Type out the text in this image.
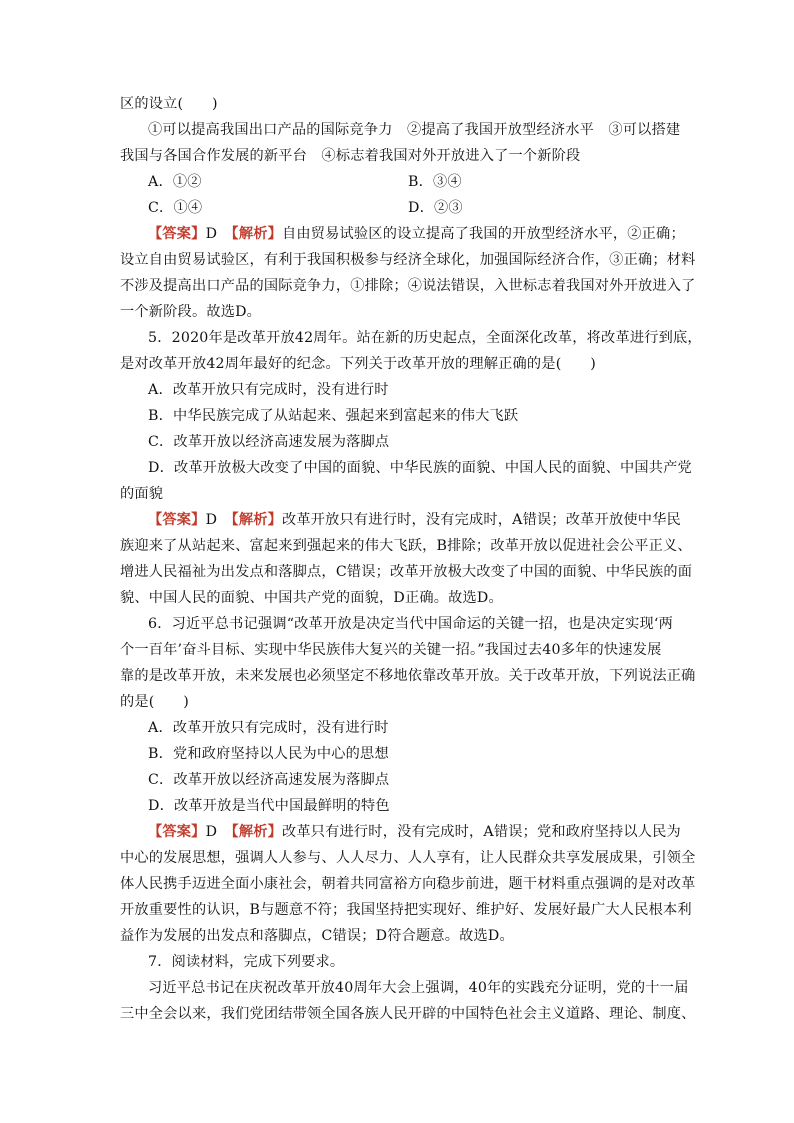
区的设立(　　)
①可以提高我国出口产品的国际竞争力　②提高了我国开放型经济水平　③可以搭建
我国与各国合作发展的新平台　④标志着我国对外开放进入了一个新阶段
A．①②	B．③④
C．①④	D．②③
【答案】D　【解析】自由贸易试验区的设立提高了我国的开放型经济水平，②正确；
设立自由贸易试验区，有利于我国积极参与经济全球化，加强国际经济合作，③正确；材料
不涉及提高出口产品的国际竞争力，①排除；④说法错误，入世标志着我国对外开放进入了
一个新阶段。故选D。
5．2020年是改革开放42周年。站在新的历史起点，全面深化改革，将改革进行到底，
是对改革开放42周年最好的纪念。下列关于改革开放的理解正确的是(　　)
A．改革开放只有完成时，没有进行时
B．中华民族完成了从站起来、强起来到富起来的伟大飞跃
C．改革开放以经济高速发展为落脚点
D．改革开放极大改变了中国的面貌、中华民族的面貌、中国人民的面貌、中国共产党
的面貌
【答案】D　【解析】改革开放只有进行时，没有完成时，A错误；改革开放使中华民
族迎来了从站起来、富起来到强起来的伟大飞跃，B排除；改革开放以促进社会公平正义、
增进人民福祉为出发点和落脚点，C错误；改革开放极大改变了中国的面貌、中华民族的面
貌、中国人民的面貌、中国共产党的面貌，D正确。故选D。
6．习近平总书记强调“改革开放是决定当代中国命运的关键一招，也是决定实现‘两
个一百年’奋斗目标、实现中华民族伟大复兴的关键一招。”我国过去40多年的快速发展
靠的是改革开放，未来发展也必须坚定不移地依靠改革开放。关于改革开放，下列说法正确
的是(　　)
A．改革开放只有完成时，没有进行时
B．党和政府坚持以人民为中心的思想
C．改革开放以经济高速发展为落脚点
D．改革开放是当代中国最鲜明的特色
【答案】D　【解析】改革只有进行时，没有完成时，A错误；党和政府坚持以人民为
中心的发展思想，强调人人参与、人人尽力、人人享有，让人民群众共享发展成果，引领全
体人民携手迈进全面小康社会，朝着共同富裕方向稳步前进，题干材料重点强调的是对改革
开放重要性的认识，B与题意不符；我国坚持把实现好、维护好、发展好最广大人民根本利
益作为发展的出发点和落脚点，C错误；D符合题意。故选D。
7．阅读材料，完成下列要求。
习近平总书记在庆祝改革开放40周年大会上强调，40年的实践充分证明，党的十一届
三中全会以来，我们党团结带领全国各族人民开辟的中国特色社会主义道路、理论、制度、
